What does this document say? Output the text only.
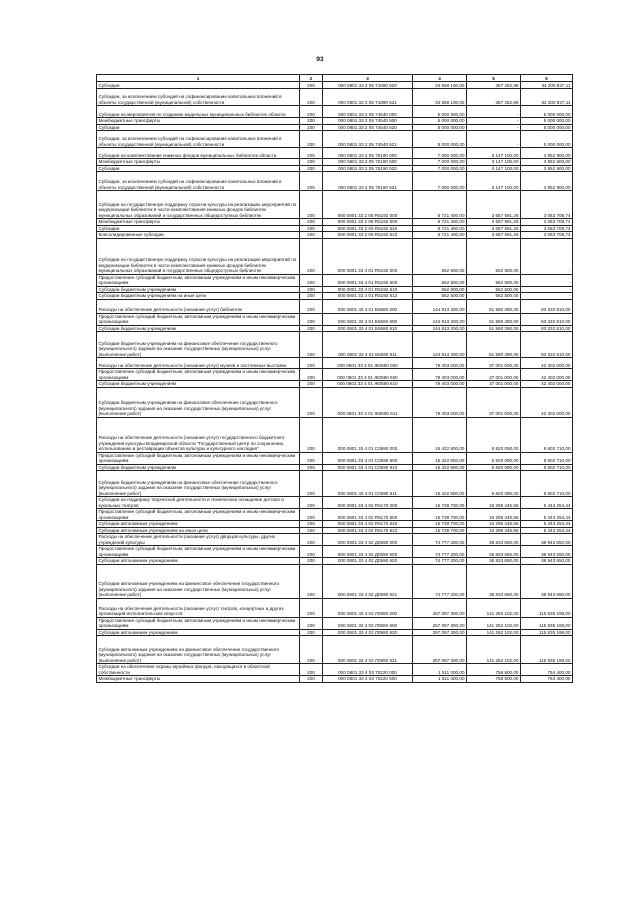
93
1	2	3	4	5	6
Субсидии	200	000 0801 33 2 05 71890 520	34 558 100,00	357 262,89	34 200 837,11
Субсидии, за исключением субсидий на софинансирование капитальных вложений в объекты государственной (муниципальной) собственности	200	000 0801 33 2 05 71890 521	34 558 100,00	357 262,89	34 200 837,11
Субсидии на мероприятия по созданию модельных муниципальных библиотек области	200	000 0801 33 2 05 74540 000	5 000 000,00	-	5 000 000,00
Межбюджетные трансферты	200	000 0801 33 2 05 74540 500	5 000 000,00	-	5 000 000,00
Субсидии	200	000 0801 33 2 05 74540 520	5 000 000,00	-	5 000 000,00
Субсидии, за исключением субсидий на софинансирование капитальных вложений в объекты государственной (муниципальной) собственности	200	000 0801 33 2 05 74540 521	5 000 000,00	-	5 000 000,00
Субсидии на комплектование книжных фондов муниципальных библиотек области	200	000 0801 33 2 05 75190 000	7 000 000,00	3 147 100,00	3 852 900,00
Межбюджетные трансферты	200	000 0801 33 2 05 75190 500	7 000 000,00	3 147 100,00	3 852 900,00
Субсидии	200	000 0801 33 2 05 75190 520	7 000 000,00	3 147 100,00	3 852 900,00
Субсидии, за исключением субсидий на софинансирование капитальных вложений в объекты государственной (муниципальной) собственности	200	000 0801 33 2 05 75190 521	7 000 000,00	3 147 100,00	3 852 900,00
Субсидии на государственную поддержку отрасли культуры на реализацию мероприятий по модернизации библиотек в части комплектования книжных фондов библиотек муниципальных образований и государственных общедоступных библиотек	200	000 0801 33 2 05 R5192 000	6 721 400,00	3 657 691,26	3 063 708,74
Межбюджетные трансферты	200	000 0801 33 2 05 R5192 500	6 721 400,00	3 657 691,26	3 063 708,74
Субсидии	200	000 0801 33 2 05 R5192 520	6 721 400,00	3 657 691,26	3 063 708,74
Консолидированные субсидии	200	000 0801 33 2 05 R5192 523	6 721 400,00	3 657 691,26	3 063 708,74
Субсидии на государственную поддержку отрасли культуры на реализацию мероприятий по модернизации библиотек в части комплектования книжных фондов библиотек муниципальных образований и государственных общедоступных библиотек	200	000 0801 33 4 01 R5192 000	562 500,00	562 500,00	-
Предоставление субсидий бюджетным, автономным учреждениям и иным некоммерческим организациям	200	000 0801 33 4 01 R5192 600	562 500,00	562 500,00	-
Субсидии бюджетным учреждениям	200	000 0801 33 4 01 R5192 610	562 500,00	562 500,00	-
Субсидии бюджетным учреждениям на иные цели	200	000 0801 33 4 01 R5192 612	562 500,00	562 500,00	-
Расходы на обеспечение деятельности (оказание услуг) библиотек	200	000 0801 33 4 01 Б5590 000	144 913 200,00	61 580 390,00	83 332 810,00
Предоставление субсидий бюджетным, автономным учреждениям и иным некоммерческим организациям	200	000 0801 33 4 01 Б5590 600	144 913 200,00	61 580 390,00	83 332 810,00
Субсидии бюджетным учреждениям	200	000 0801 33 4 01 Б5590 610	144 913 200,00	61 580 390,00	83 332 810,00
Субсидии бюджетным учреждениям на финансовое обеспечение государственного (муниципального) задания на оказание государственных (муниципальных) услуг (выполнение работ)	200	000 0801 33 4 01 Б5590 611	144 913 200,00	61 580 390,00	83 332 810,00
Расходы на обеспечение деятельности (оказание услуг) музеев и постоянных выставок	200	000 0801 33 4 01 Ж0590 000	79 403 000,00	37 001 000,00	42 402 000,00
Предоставление субсидий бюджетным, автономным учреждениям и иным некоммерческим организациям	200	000 0801 33 4 01 Ж0590 600	79 403 000,00	37 001 000,00	42 402 000,00
Субсидии бюджетным учреждениям	200	000 0801 33 4 01 Ж0590 610	79 403 000,00	37 001 000,00	42 402 000,00
Субсидии бюджетным учреждениям на финансовое обеспечение государственного (муниципального) задания на оказание государственных (муниципальных) услуг (выполнение работ)	200	000 0801 33 4 01 Ж0590 611	79 403 000,00	37 001 000,00	42 402 000,00
Расходы на обеспечение деятельности (оказание услуг) государственного бюджетного учреждения культуры Владимирской области "Государственный центр по сохранению, использованию и реставрации объектов культуры и культурного наследия"	200	000 0801 33 4 01 С0590 000	15 422 800,00	6 820 090,00	8 602 710,00
Предоставление субсидий бюджетным, автономным учреждениям и иным некоммерческим организациям	200	000 0801 33 4 01 С0590 600	15 422 800,00	6 820 090,00	8 602 710,00
Субсидии бюджетным учреждениям	200	000 0801 33 4 01 С0590 610	15 422 800,00	6 820 090,00	8 602 710,00
Субсидии бюджетным учреждениям на финансовое обеспечение государственного (муниципального) задания на оказание государственных (муниципальных) услуг (выполнение работ)	200	000 0801 33 4 01 С0590 611	15 422 800,00	6 820 090,00	8 602 710,00
Субсидии на поддержку творческой деятельности и техническое оснащение детских и кукольных театров	200	000 0801 33 4 02 R5170 000	15 738 700,00	10 295 445,56	5 443 254,44
Предоставление субсидий бюджетным, автономным учреждениям и иным некоммерческим организациям	200	000 0801 33 4 02 R5170 600	15 738 700,00	10 295 445,56	5 443 254,44
Субсидии автономным учреждениям	200	000 0801 33 4 02 R5170 620	15 738 700,00	10 295 445,56	5 443 254,44
Субсидии автономным учреждениям на иные цели	200	000 0801 33 4 02 R5170 622	15 738 700,00	10 295 445,56	5 443 254,44
Расходы на обеспечение деятельности (оказание услуг) дворцов культуры, других учреждений культуры	200	000 0801 33 4 02 Д0590 000	74 777 300,00	35 833 650,00	38 943 650,00
Предоставление субсидий бюджетным, автономным учреждениям и иным некоммерческим организациям	200	000 0801 33 4 02 Д0590 600	74 777 300,00	35 833 650,00	38 943 650,00
Субсидии автономным учреждениям	200	000 0801 33 4 02 Д0590 620	74 777 300,00	35 833 650,00	38 943 650,00
Субсидии автономным учреждениям на финансовое обеспечение государственного (муниципального) задания на оказание государственных (муниципальных) услуг (выполнение работ)	200	000 0801 33 4 02 Д0590 621	74 777 300,00	35 833 650,00	38 943 650,00
Расходы на обеспечение деятельности (оказание услуг) театров, концертных и других организаций исполнительских искусств	200	000 0801 33 4 02 Л0590 000	257 097 300,00	141 262 102,00	115 835 198,00
Предоставление субсидий бюджетным, автономным учреждениям и иным некоммерческим организациям	200	000 0801 33 4 02 Л0590 600	257 097 300,00	141 262 102,00	115 835 198,00
Субсидии автономным учреждениям	200	000 0801 33 4 02 Л0590 620	257 097 300,00	141 262 102,00	115 835 198,00
Субсидии автономным учреждениям на финансовое обеспечение государственного (муниципального) задания на оказание государственных (муниципальных) услуг (выполнение работ)	200	000 0801 33 4 02 Л0590 621	257 097 300,00	141 262 102,00	115 835 198,00
Субсидии на обеспечение охраны музейных фондов, находящихся в областной собственности	200	000 0801 33 4 03 70220 000	1 511 000,00	756 600,00	754 400,00
Межбюджетные трансферты	200	000 0801 33 4 03 70220 500	1 511 000,00	756 600,00	754 400,00
